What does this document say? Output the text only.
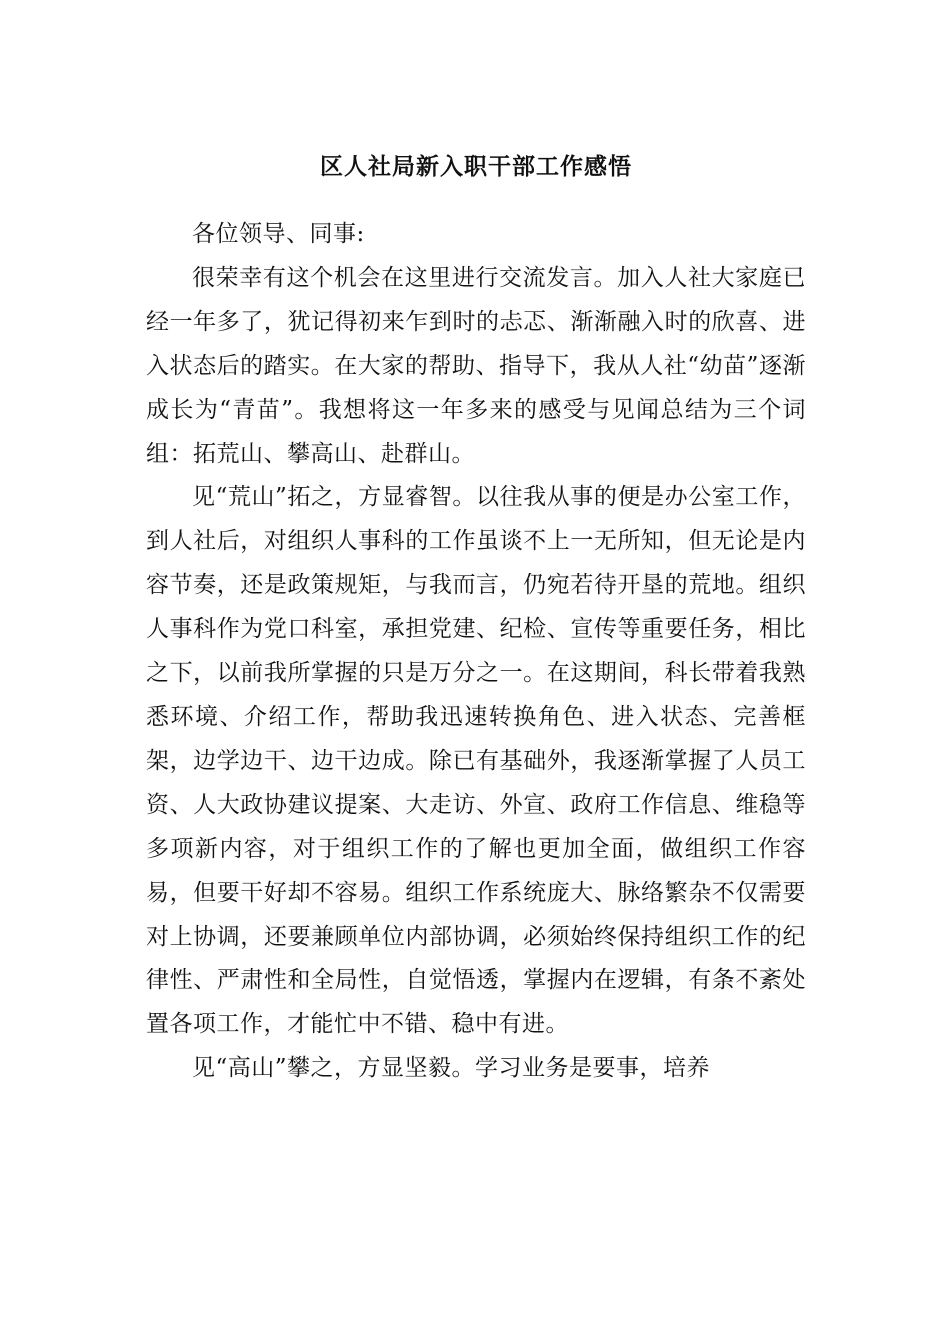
区人社局新入职干部工作感悟

各位领导、同事:

很荣幸有这个机会在这里进行交流发言。加入人社大家庭已经一年多了，犹记得初来乍到时的忐忑、渐渐融入时的欣喜、进入状态后的踏实。在大家的帮助、指导下，我从人社“幼苗”逐渐成长为“青苗”。我想将这一年多来的感受与见闻总结为三个词组：拓荒山、攀高山、赴群山。

见“荒山”拓之，方显睿智。以往我从事的便是办公室工作，到人社后，对组织人事科的工作虽谈不上一无所知，但无论是内容节奏，还是政策规矩，与我而言，仍宛若待开垦的荒地。组织人事科作为党口科室，承担党建、纪检、宣传等重要任务，相比之下，以前我所掌握的只是万分之一。在这期间，科长带着我熟悉环境、介绍工作，帮助我迅速转换角色、进入状态、完善框架，边学边干、边干边成。除已有基础外，我逐渐掌握了人员工资、人大政协建议提案、大走访、外宣、政府工作信息、维稳等多项新内容，对于组织工作的了解也更加全面，做组织工作容易，但要干好却不容易。组织工作系统庞大、脉络繁杂不仅需要对上协调，还要兼顾单位内部协调，必须始终保持组织工作的纪律性、严肃性和全局性，自觉悟透，掌握内在逻辑，有条不紊处置各项工作，才能忙中不错、稳中有进。

见“高山”攀之，方显坚毅。学习业务是要事，培养
